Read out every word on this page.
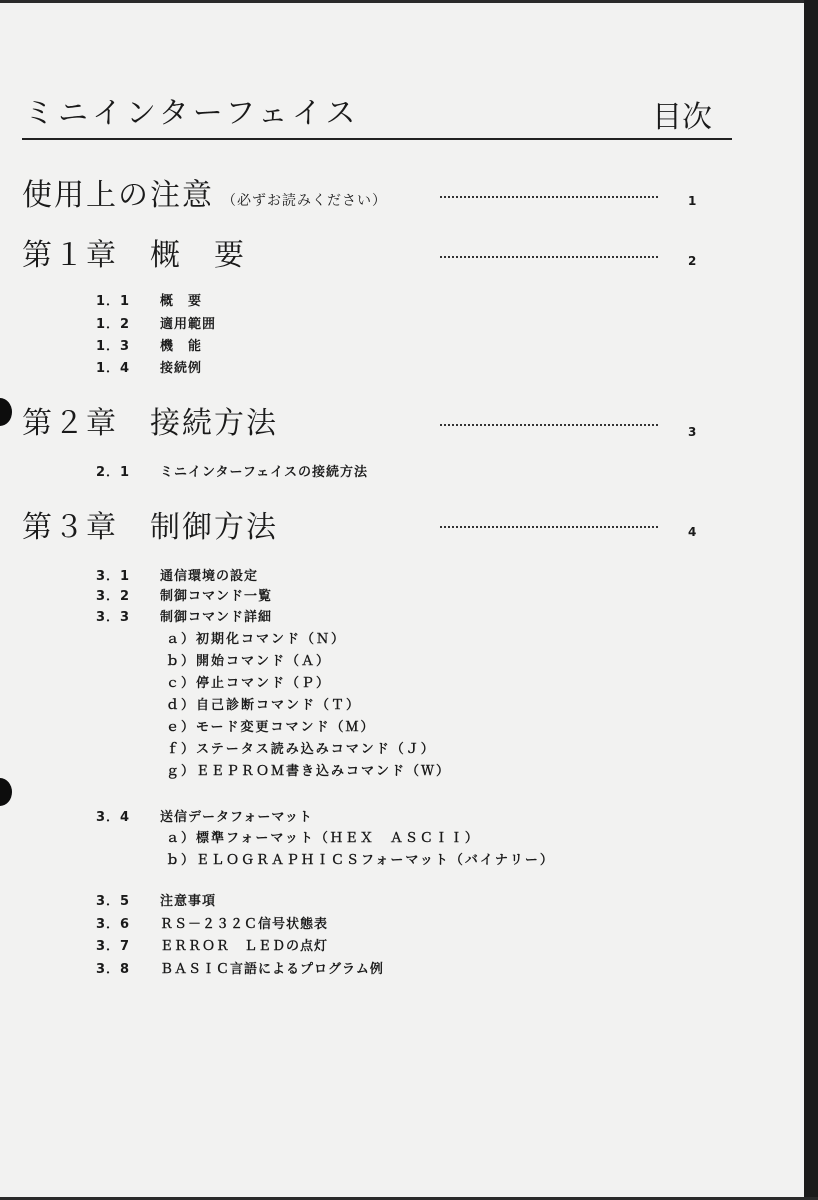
ミニインターフェイス	目次
使用上の注意 （必ずお読みください）	1
第１章　概　要	2
1．1 概　要
1．2 適用範囲
1．3 機　能
1．4 接続例
第２章　接続方法	3
2．1 ミニインターフェイスの接続方法
第３章　制御方法	4
3．1 通信環境の設定
3．2 制御コマンド一覧
3．3 制御コマンド詳細
ａ）初期化コマンド（Ｎ）
ｂ）開始コマンド（Ａ）
ｃ）停止コマンド（Ｐ）
ｄ）自己診断コマンド（Ｔ）
ｅ）モード変更コマンド（Ｍ）
ｆ）ステータス読み込みコマンド（Ｊ）
ｇ）ＥＥＰＲＯＭ書き込みコマンド（Ｗ）
3．4 送信データフォーマット
ａ）標準フォーマット（ＨＥＸ　ＡＳＣＩＩ）
ｂ）ＥＬＯＧＲＡＰＨＩＣＳフォーマット（バイナリー）
3．5 注意事項
3．6 ＲＳ－２３２Ｃ信号状態表
3．7 ＥＲＲＯＲ　ＬＥＤの点灯
3．8 ＢＡＳＩＣ言語によるプログラム例
